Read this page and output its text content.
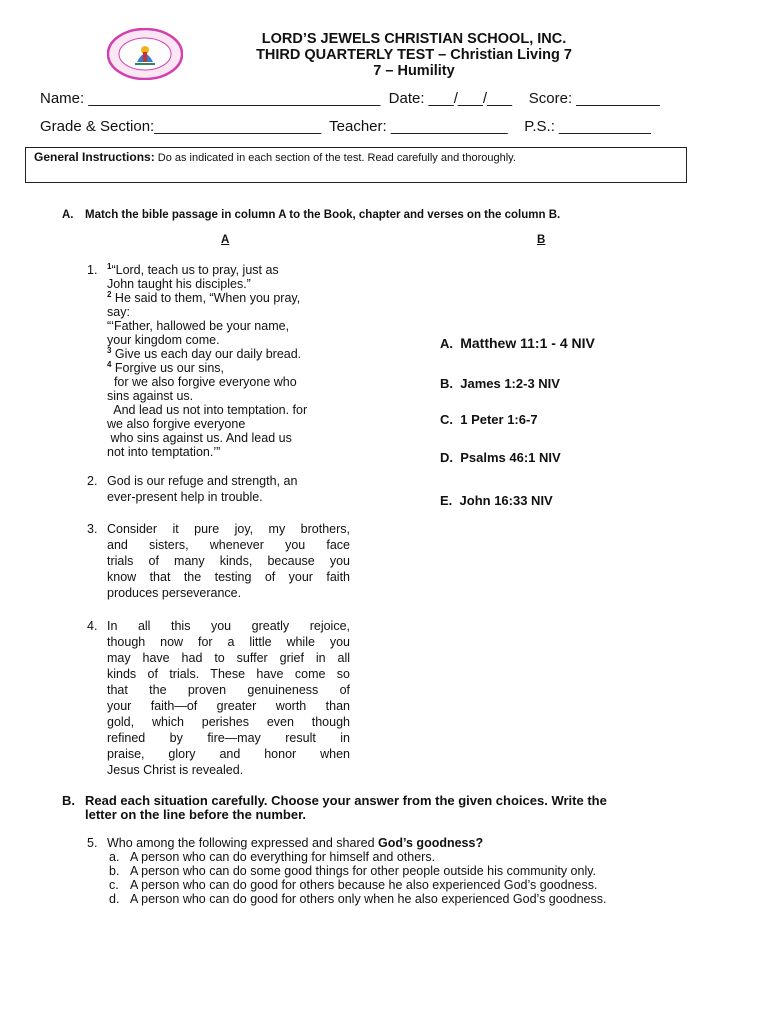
LORD’S JEWELS CHRISTIAN SCHOOL, INC.
THIRD QUARTERLY TEST – Christian Living 7
7 – Humility
Name: ___________________________________  Date: ___/___/___    Score: __________
Grade & Section:____________________  Teacher: ______________    P.S.: ___________
General Instructions: Do as indicated in each section of the test. Read carefully and thoroughly.
A. Match the bible passage in column A to the Book, chapter and verses on the column B.
A	B
1. $^1$“Lord, teach us to pray, just as
John taught his disciples.”
$^2$ He said to them, “When you pray,
say:
“‘Father, hallowed be your name,
your kingdom come.
$^3$ Give us each day our daily bread.
$^4$ Forgive us our sins,
for we also forgive everyone who
sins against us.
And lead us not into temptation. for
we also forgive everyone
who sins against us. And lead us
not into temptation.’”
2. God is our refuge and strength, an
ever-present help in trouble.
3. Consider it pure joy, my brothers,
and sisters, whenever you face
trials of many kinds, because you
know that the testing of your faith
produces perseverance.
4. In all this you greatly rejoice,
though now for a little while you
may have had to suffer grief in all
kinds of trials. These have come so
that the proven genuineness of
your faith—of greater worth than
gold, which perishes even though
refined by fire—may result in
praise, glory and honor when
Jesus Christ is revealed.
A. Matthew 11:1 - 4 NIV
B. James 1:2-3 NIV
C. 1 Peter 1:6-7
D. Psalms 46:1 NIV
E. John 16:33 NIV
B. Read each situation carefully. Choose your answer from the given choices. Write the
letter on the line before the number.
5. Who among the following expressed and shared God’s goodness?
a. A person who can do everything for himself and others.
b. A person who can do some good things for other people outside his community only.
c. A person who can do good for others because he also experienced God’s goodness.
d. A person who can do good for others only when he also experienced God’s goodness.
